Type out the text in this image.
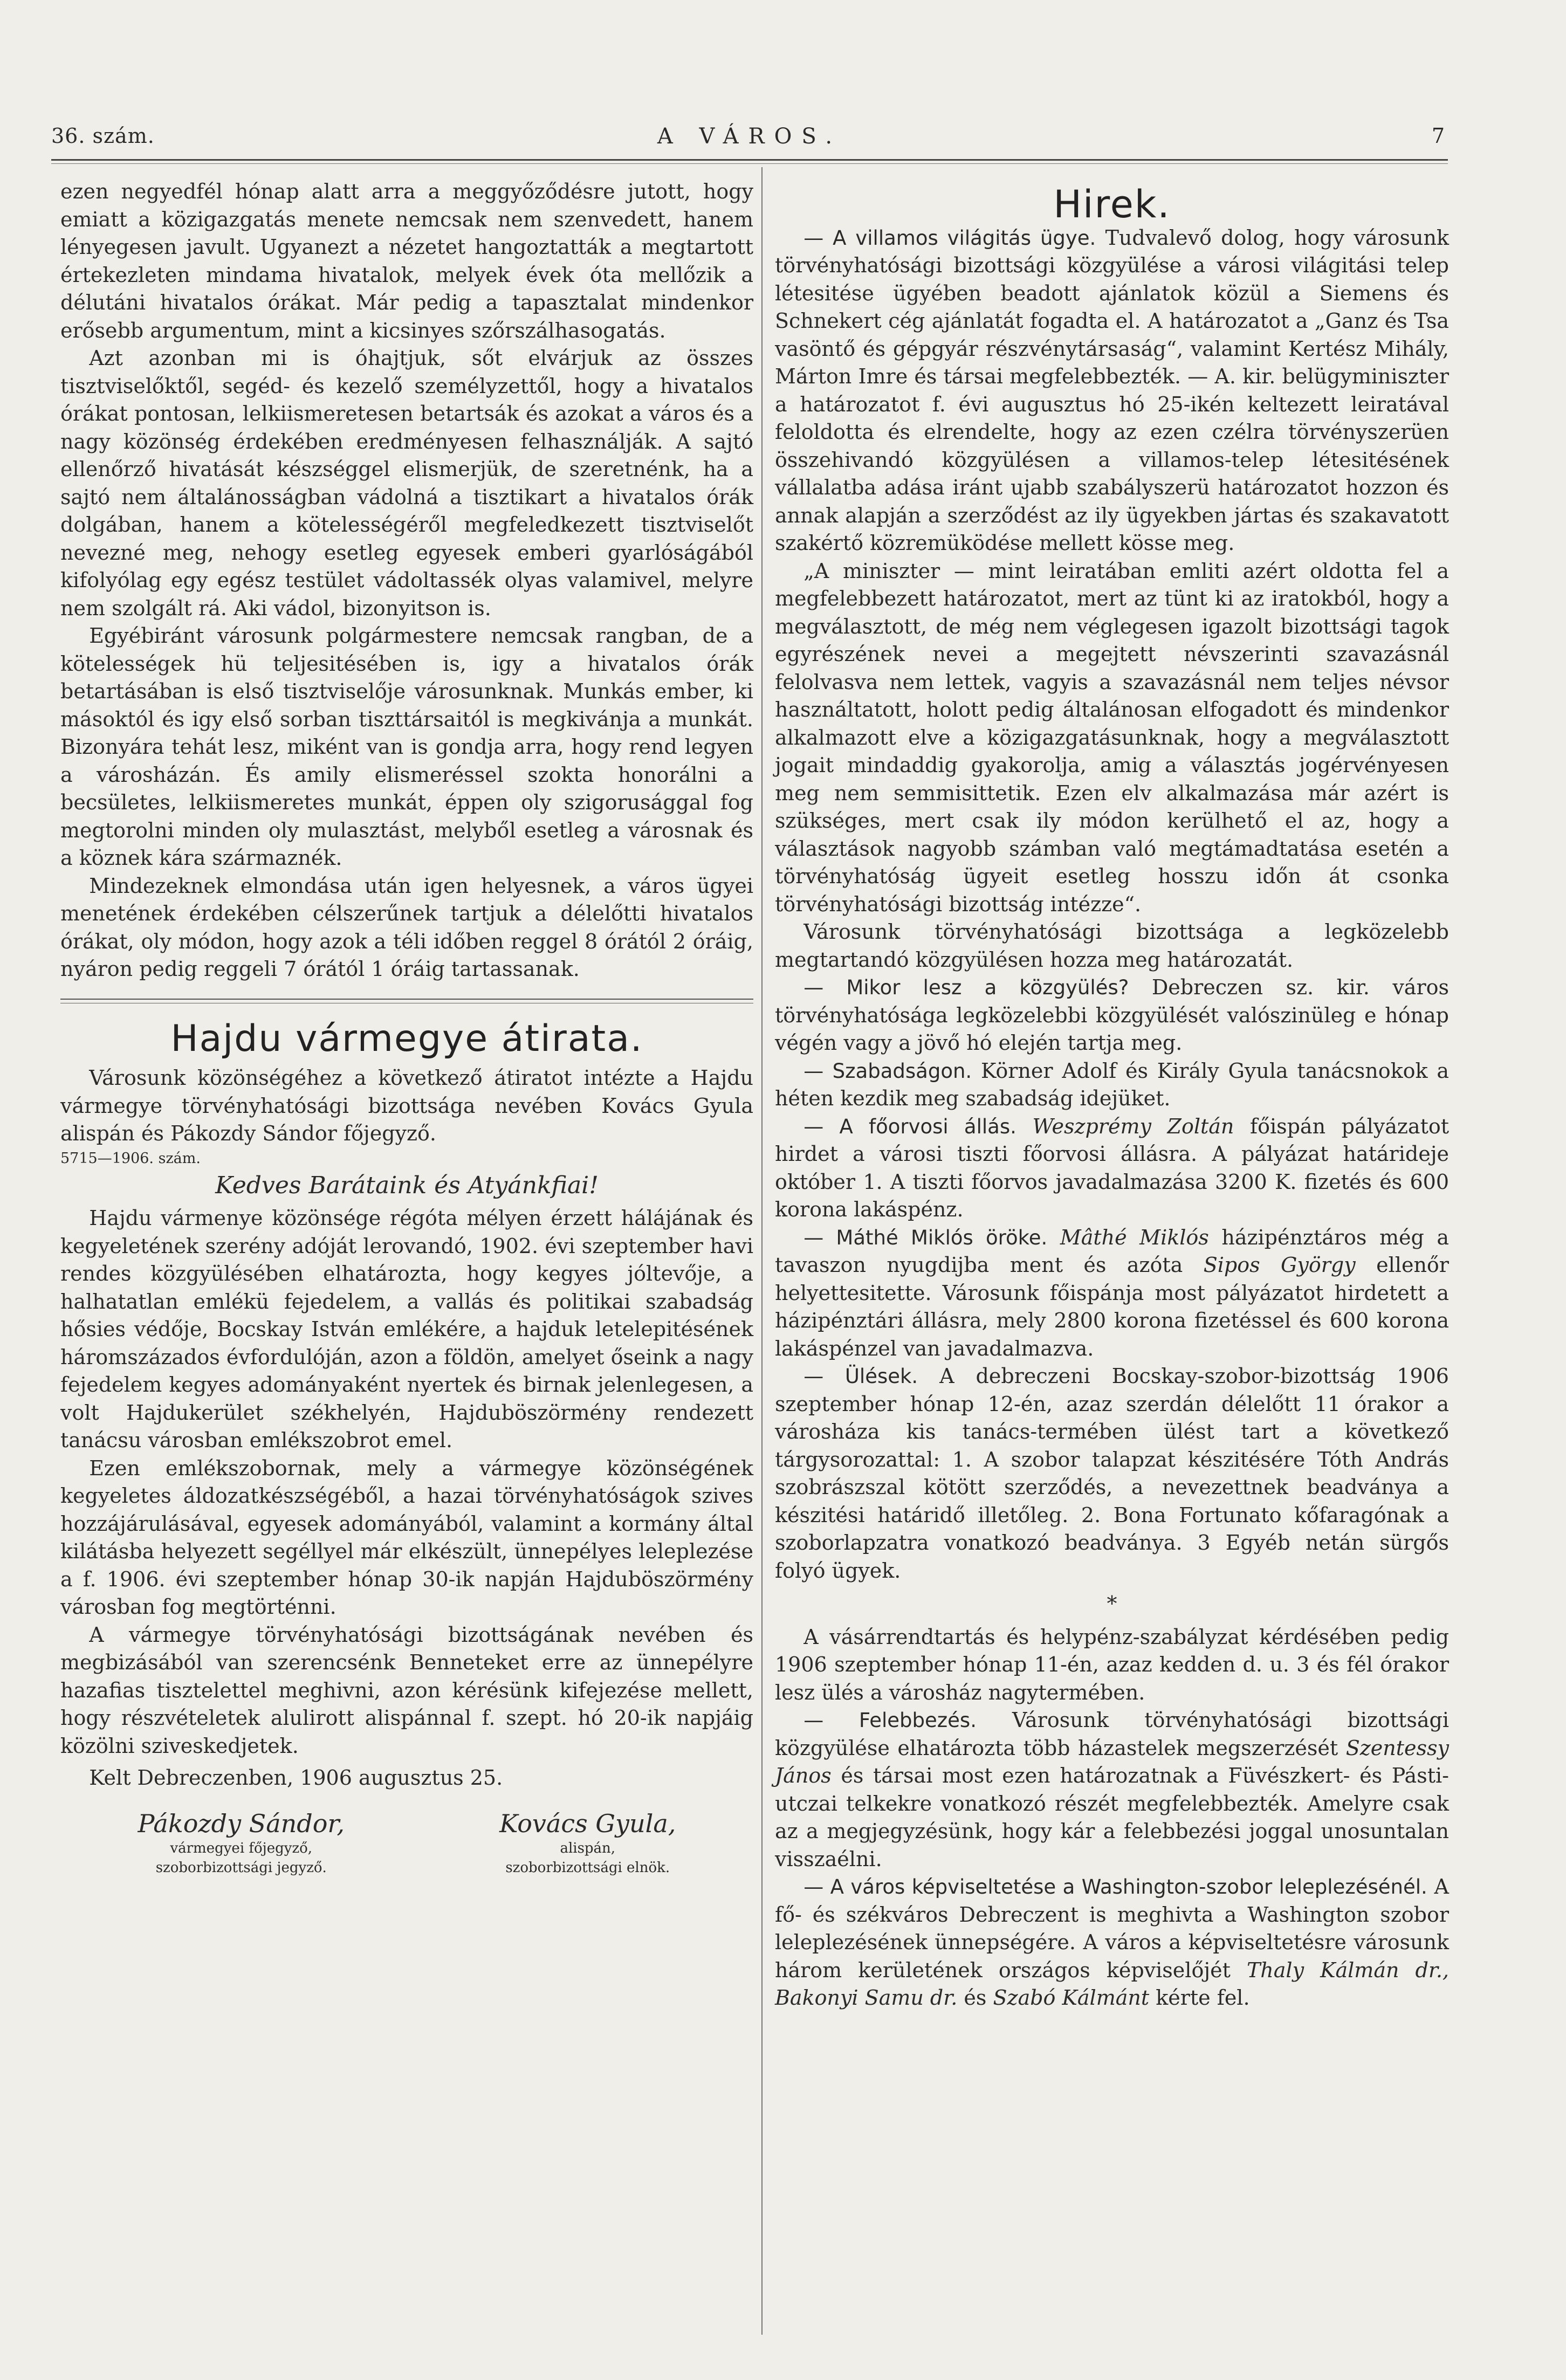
36. szám.	A VÁROS.	7

ezen negyedfél hónap alatt arra a meggyőződésre jutott, hogy emiatt a közigazgatás menete nemcsak nem szenvedett, hanem lényegesen javult. Ugyanezt a nézetet hangoztatták a megtartott értekezleten mindama hivatalok, melyek évek óta mellőzik a délutáni hivatalos órákat. Már pedig a tapasztalat mindenkor erősebb argumentum, mint a kicsinyes szőrszálhasogatás.

Azt azonban mi is óhajtjuk, sőt elvárjuk az összes tisztviselőktől, segéd- és kezelő személyzettől, hogy a hivatalos órákat pontosan, lelkiismeretesen betartsák és azokat a város és a nagy közönség érdekében eredményesen felhasználják. A sajtó ellenőrző hivatását készséggel elismerjük, de szeretnénk, ha a sajtó nem általánosságban vádolná a tisztikart a hivatalos órák dolgában, hanem a kötelességéről megfeledkezett tisztviselőt nevezné meg, nehogy esetleg egyesek emberi gyarlóságából kifolyólag egy egész testület vádoltassék olyas valamivel, melyre nem szolgált rá. Aki vádol, bizonyitson is.

Egyébiránt városunk polgármestere nemcsak rangban, de a kötelességek hü teljesitésében is, igy a hivatalos órák betartásában is első tisztviselője városunknak. Munkás ember, ki másoktól és igy első sorban tiszttársaitól is megkivánja a munkát. Bizonyára tehát lesz, miként van is gondja arra, hogy rend legyen a városházán. És amily elismeréssel szokta honorálni a becsületes, lelkiismeretes munkát, éppen oly szigorusággal fog megtorolni minden oly mulasztást, melyből esetleg a városnak és a köznek kára származnék.

Mindezeknek elmondása után igen helyesnek, a város ügyei menetének érdekében célszerűnek tartjuk a délelőtti hivatalos órákat, oly módon, hogy azok a téli időben reggel 8 órától 2 óráig, nyáron pedig reggeli 7 órától 1 óráig tartassanak.

Hajdu vármegye átirata.

Városunk közönségéhez a következő átiratot intézte a Hajdu vármegye törvényhatósági bizottsága nevében Kovács Gyula alispán és Pákozdy Sándor főjegyző.

5715—1906. szám.
Kedves Barátaink és Atyánkfiai!

Hajdu vármenye közönsége régóta mélyen érzett hálájának és kegyeletének szerény adóját lerovandó, 1902. évi szeptember havi rendes közgyülésében elhatározta, hogy kegyes jóltevője, a halhatatlan emlékü fejedelem, a vallás és politikai szabadság hősies védője, Bocskay István emlékére, a hajduk letelepitésének háromszázados évfordulóján, azon a földön, amelyet őseink a nagy fejedelem kegyes adományaként nyertek és birnak jelenlegesen, a volt Hajdukerület székhelyén, Hajduböszörmény rendezett tanácsu városban emlékszobrot emel.

Ezen emlékszobornak, mely a vármegye közönségének kegyeletes áldozatkészségéből, a hazai törvényhatóságok szives hozzájárulásával, egyesek adományából, valamint a kormány által kilátásba helyezett segéllyel már elkészült, ünnepélyes leleplezése a f. 1906. évi szeptember hónap 30-ik napján Hajduböszörmény városban fog megtörténni.

A vármegye törvényhatósági bizottságának nevében és megbizásából van szerencsénk Benneteket erre az ünnepélyre hazafias tisztelettel meghivni, azon kérésünk kifejezése mellett, hogy részvételetek alulirott alispánnal f. szept. hó 20-ik napjáig közölni sziveskedjetek.

Kelt Debreczenben, 1906 augusztus 25.

Pákozdy Sándor,
vármegyei főjegyző,
szoborbizottsági jegyző.
Kovács Gyula,
alispán,
szoborbizottsági elnök.
Hirek.

— A villamos világitás ügye. Tudvalevő dolog, hogy városunk törvényhatósági bizottsági közgyülése a városi világitási telep létesitése ügyében beadott ajánlatok közül a Siemens és Schnekert cég ajánlatát fogadta el. A határozatot a „Ganz és Tsa vasöntő és gépgyár részvénytársaság“, valamint Kertész Mihály, Márton Imre és társai megfelebbezték. — A. kir. belügyminiszter a határozatot f. évi augusztus hó 25-ikén keltezett leiratával feloldotta és elrendelte, hogy az ezen czélra törvényszerüen összehivandó közgyülésen a villamos-telep létesitésének vállalatba adása iránt ujabb szabályszerü határozatot hozzon és annak alapján a szerződést az ily ügyekben jártas és szakavatott szakértő közremüködése mellett kösse meg.

„A miniszter — mint leiratában emliti azért oldotta fel a megfelebbezett határozatot, mert az tünt ki az iratokból, hogy a megválasztott, de még nem véglegesen igazolt bizottsági tagok egyrészének nevei a megejtett névszerinti szavazásnál felolvasva nem lettek, vagyis a szavazásnál nem teljes névsor használtatott, holott pedig általánosan elfogadott és mindenkor alkalmazott elve a közigazgatásunknak, hogy a megválasztott jogait mindaddig gyakorolja, amig a választás jogérvényesen meg nem semmisittetik. Ezen elv alkalmazása már azért is szükséges, mert csak ily módon kerülhető el az, hogy a választások nagyobb számban való megtámadtatása esetén a törvényhatóság ügyeit esetleg hosszu időn át csonka törvényhatósági bizottság intézze“.

Városunk törvényhatósági bizottsága a legközelebb megtartandó közgyülésen hozza meg határozatát.

— Mikor lesz a közgyülés? Debreczen sz. kir. város törvényhatósága legközelebbi közgyülését valószinüleg e hónap végén vagy a jövő hó elején tartja meg.

— Szabadságon. Körner Adolf és Király Gyula tanácsnokok a héten kezdik meg szabadság idejüket.

— A főorvosi állás. Weszprémy Zoltán főispán pályázatot hirdet a városi tiszti főorvosi állásra. A pályázat határideje október 1. A tiszti főorvos javadalmazása 3200 K. fizetés és 600 korona lakáspénz.

— Máthé Miklós öröke. Mâthé Miklós házipénztáros még a tavaszon nyugdijba ment és azóta Sipos György ellenőr helyettesitette. Városunk főispánja most pályázatot hirdetett a házipénztári állásra, mely 2800 korona fizetéssel és 600 korona lakáspénzel van javadalmazva.

— Ülések. A debreczeni Bocskay-szobor-bizottság 1906 szeptember hónap 12-én, azaz szerdán délelőtt 11 órakor a városháza kis tanács-termében ülést tart a következő tárgysorozattal: 1. A szobor talapzat készitésére Tóth András szobrászszal kötött szerződés, a nevezettnek beadványa a készitési határidő illetőleg. 2. Bona Fortunato kőfaragónak a szoborlapzatra vonatkozó beadványa. 3 Egyéb netán sürgős folyó ügyek.

*

A vásárrendtartás és helypénz-szabályzat kérdésében pedig 1906 szeptember hónap 11-én, azaz kedden d. u. 3 és fél órakor lesz ülés a városház nagytermében.

— Felebbezés. Városunk törvényhatósági bizottsági közgyülése elhatározta több házastelek megszerzését Szentessy János és társai most ezen határozatnak a Füvészkert- és Pásti-utczai telkekre vonatkozó részét megfelebbezték. Amelyre csak az a megjegyzésünk, hogy kár a felebbezési joggal unosuntalan visszaélni.

— A város képviseltetése a Washington-szobor leleplezésénél. A fő- és székváros Debreczent is meghivta a Washington szobor leleplezésének ünnepségére. A város a képviseltetésre városunk három kerületének országos képviselőjét Thaly Kálmán dr., Bakonyi Samu dr. és Szabó Kálmánt kérte fel.
